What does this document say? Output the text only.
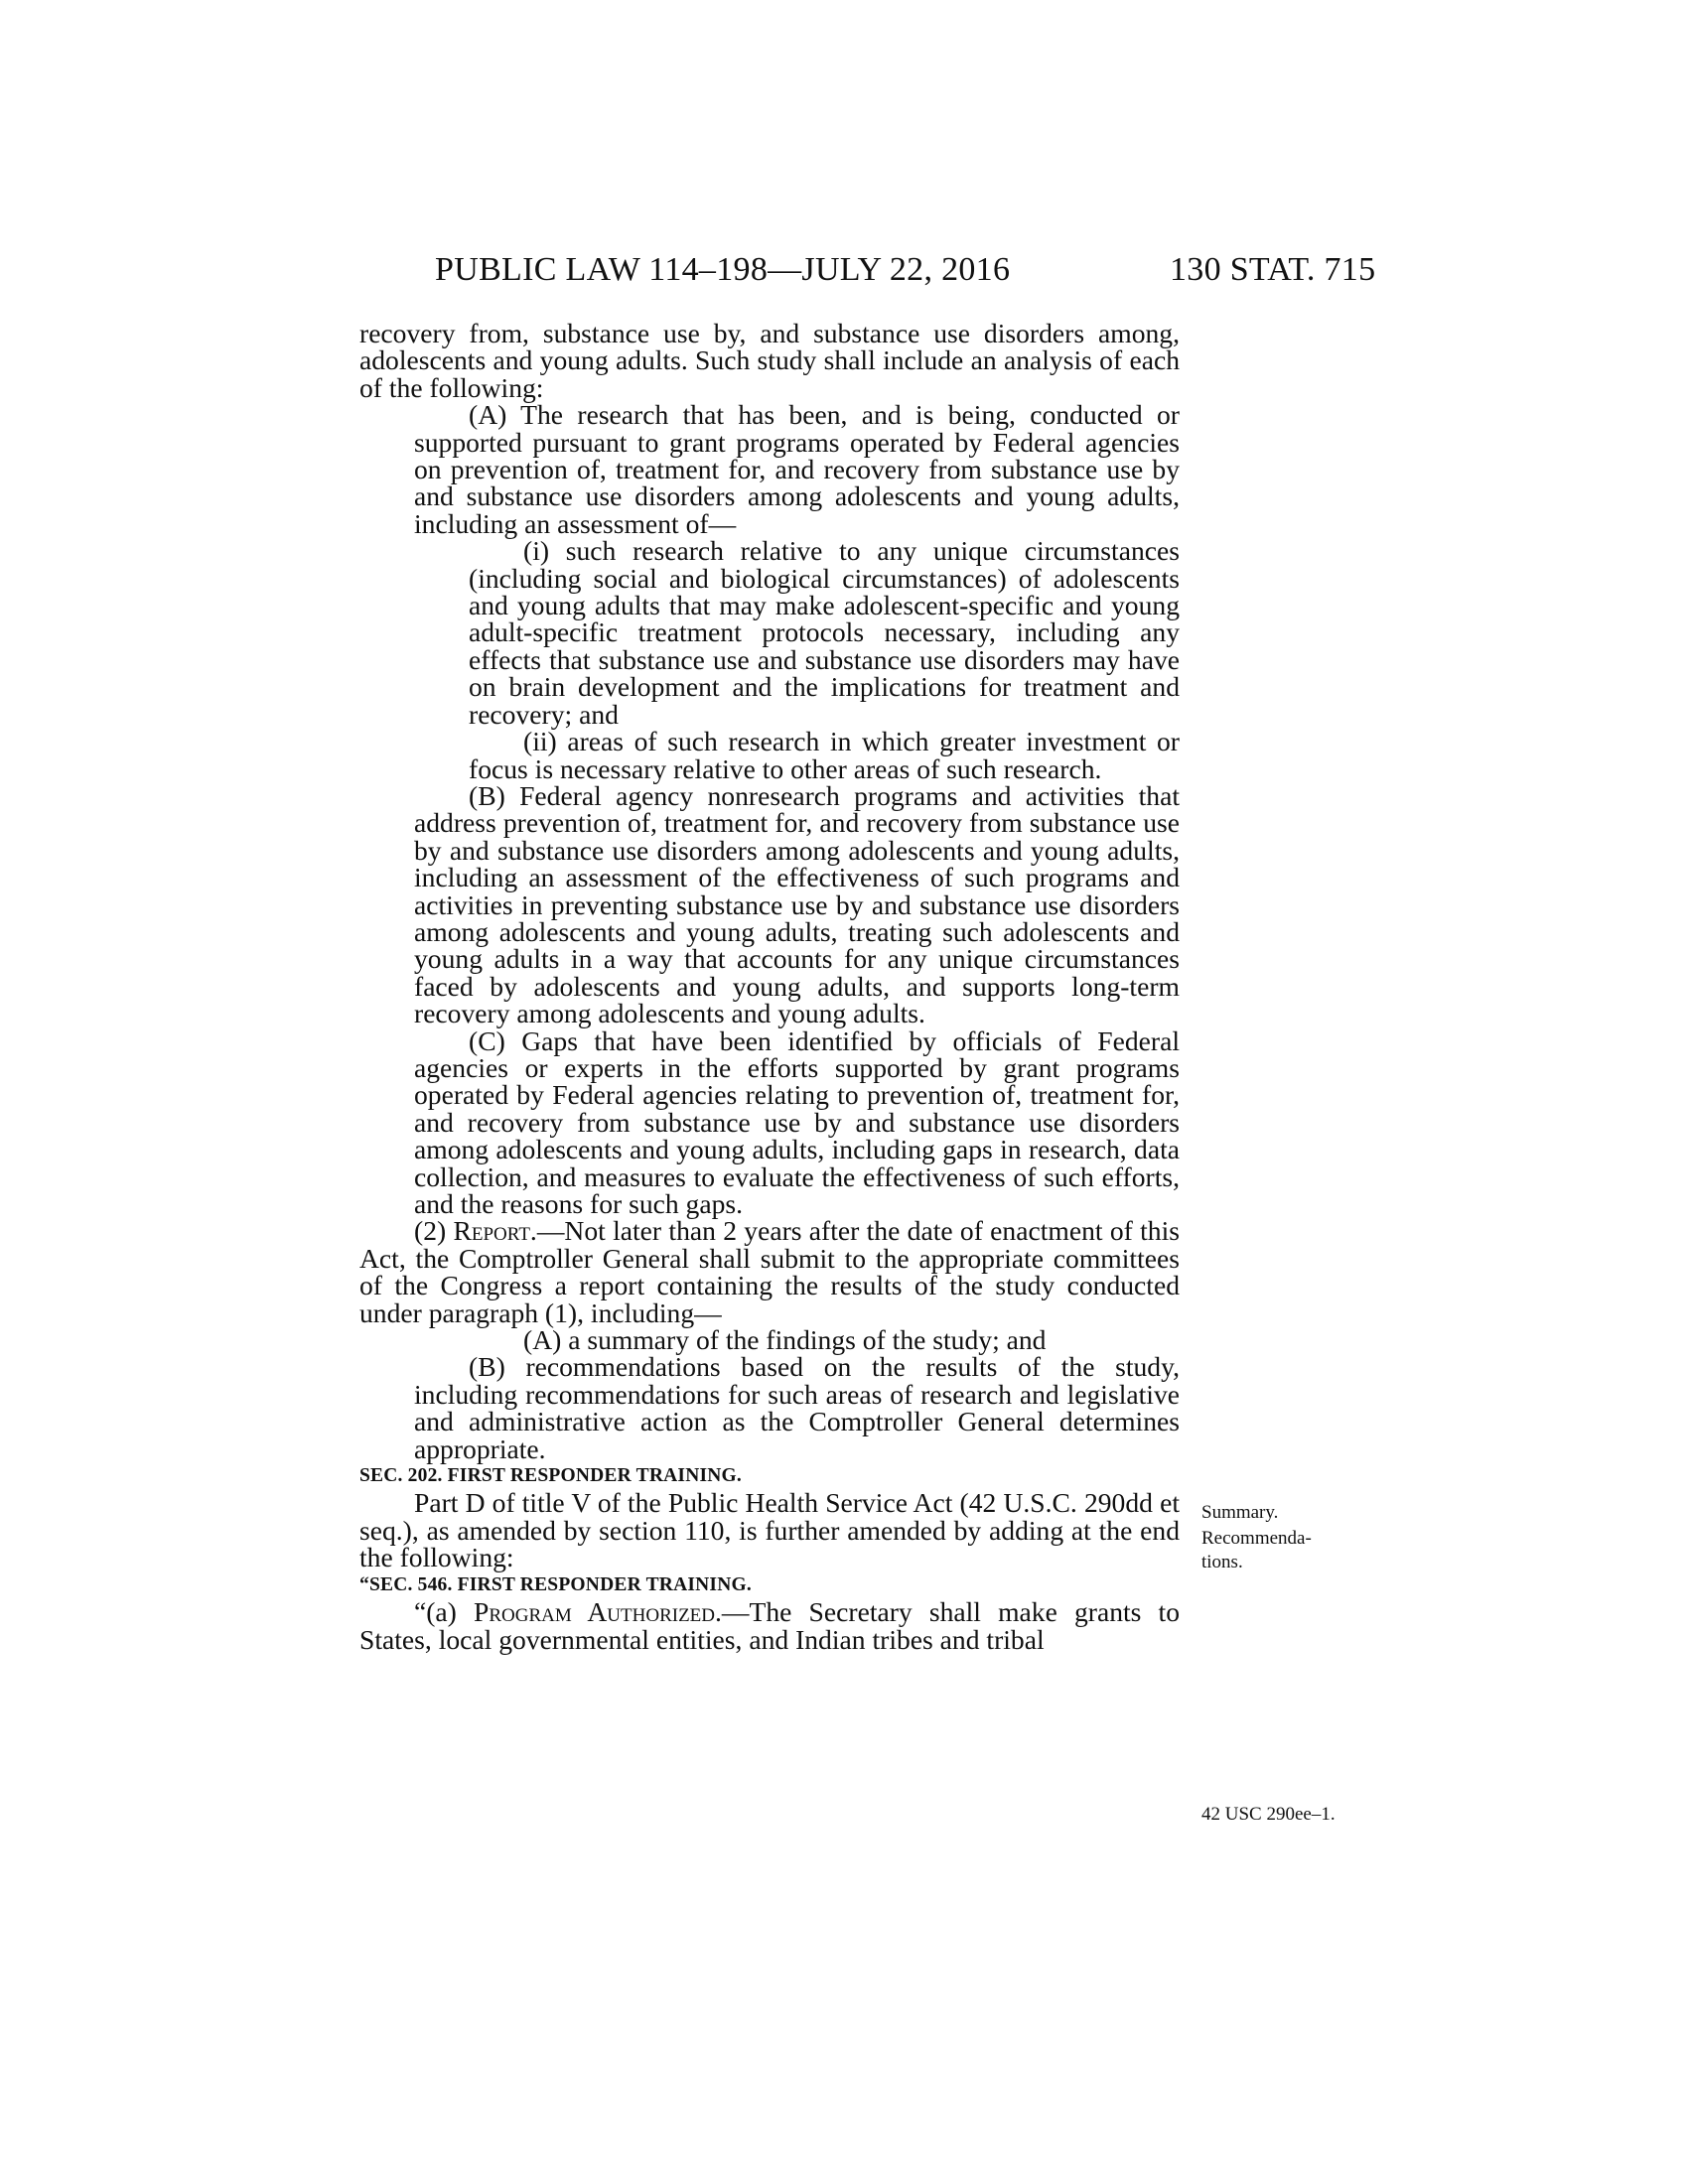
PUBLIC LAW 114–198—JULY 22, 2016	130 STAT. 715

recovery from, substance use by, and substance use disorders among, adolescents and young adults. Such study shall include an analysis of each of the following:

(A) The research that has been, and is being, conducted or supported pursuant to grant programs operated by Federal agencies on prevention of, treatment for, and recovery from substance use by and substance use disorders among adolescents and young adults, including an assessment of—

(i) such research relative to any unique circumstances (including social and biological circumstances) of adolescents and young adults that may make adolescent-specific and young adult-specific treatment protocols necessary, including any effects that substance use and substance use disorders may have on brain development and the implications for treatment and recovery; and

(ii) areas of such research in which greater investment or focus is necessary relative to other areas of such research.

(B) Federal agency nonresearch programs and activities that address prevention of, treatment for, and recovery from substance use by and substance use disorders among adolescents and young adults, including an assessment of the effectiveness of such programs and activities in preventing substance use by and substance use disorders among adolescents and young adults, treating such adolescents and young adults in a way that accounts for any unique circumstances faced by adolescents and young adults, and supports long-term recovery among adolescents and young adults.

(C) Gaps that have been identified by officials of Federal agencies or experts in the efforts supported by grant programs operated by Federal agencies relating to prevention of, treatment for, and recovery from substance use by and substance use disorders among adolescents and young adults, including gaps in research, data collection, and measures to evaluate the effectiveness of such efforts, and the reasons for such gaps.

(2) Report.—Not later than 2 years after the date of enactment of this Act, the Comptroller General shall submit to the appropriate committees of the Congress a report containing the results of the study conducted under paragraph (1), including—

(A) a summary of the findings of the study; and

(B) recommendations based on the results of the study, including recommendations for such areas of research and legislative and administrative action as the Comptroller General determines appropriate.

SEC. 202. FIRST RESPONDER TRAINING.

Part D of title V of the Public Health Service Act (42 U.S.C. 290dd et seq.), as amended by section 110, is further amended by adding at the end the following:

“SEC. 546. FIRST RESPONDER TRAINING.

“(a) Program Authorized.—The Secretary shall make grants to States, local governmental entities, and Indian tribes and tribal

Summary.
Recommenda-
tions.
42 USC 290ee–1.
